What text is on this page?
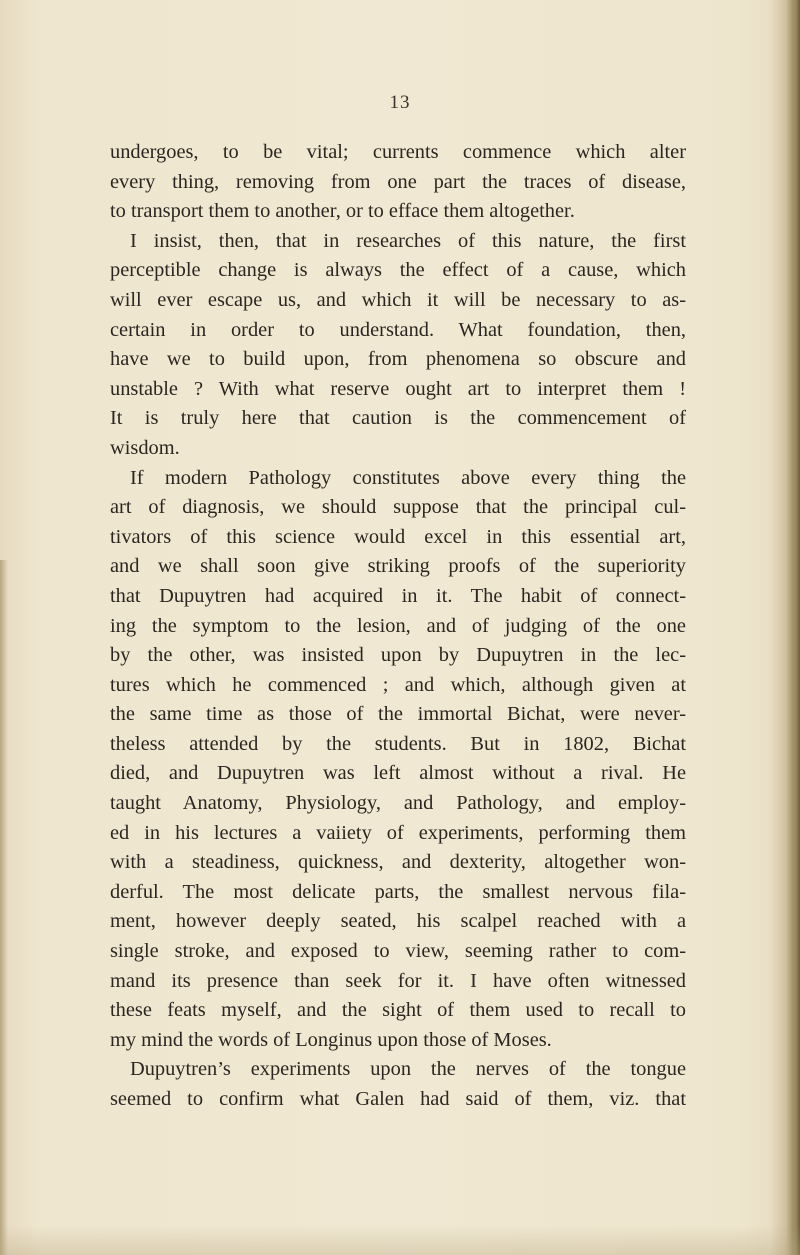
13
undergoes, to be vital; currents commence which alter
every thing, removing from one part the traces of disease,
to transport them to another, or to efface them altogether.
I insist, then, that in researches of this nature, the first
perceptible change is always the effect of a cause, which
will ever escape us, and which it will be necessary to as-
certain in order to understand. What foundation, then,
have we to build upon, from phenomena so obscure and
unstable ? With what reserve ought art to interpret them !
It is truly here that caution is the commencement of
wisdom.
If modern Pathology constitutes above every thing the
art of diagnosis, we should suppose that the principal cul-
tivators of this science would excel in this essential art,
and we shall soon give striking proofs of the superiority
that Dupuytren had acquired in it. The habit of connect-
ing the symptom to the lesion, and of judging of the one
by the other, was insisted upon by Dupuytren in the lec-
tures which he commenced ; and which, although given at
the same time as those of the immortal Bichat, were never-
theless attended by the students. But in 1802, Bichat
died, and Dupuytren was left almost without a rival. He
taught Anatomy, Physiology, and Pathology, and employ-
ed in his lectures a vaiiety of experiments, performing them
with a steadiness, quickness, and dexterity, altogether won-
derful. The most delicate parts, the smallest nervous fila-
ment, however deeply seated, his scalpel reached with a
single stroke, and exposed to view, seeming rather to com-
mand its presence than seek for it. I have often witnessed
these feats myself, and the sight of them used to recall to
my mind the words of Longinus upon those of Moses.
Dupuytren’s experiments upon the nerves of the tongue
seemed to confirm what Galen had said of them, viz. that
